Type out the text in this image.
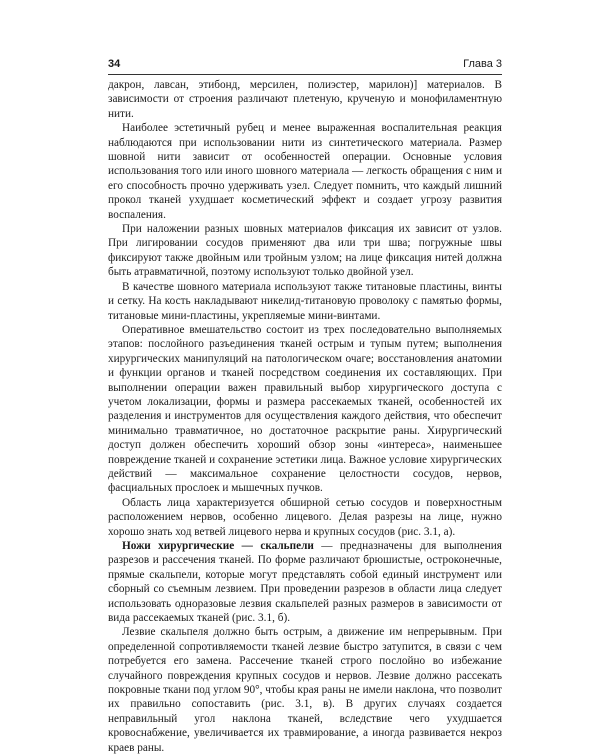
34	Глава 3

дакрон, лавсан, этибонд, мерсилен, полиэстер, марилон)] материалов. В зависимости от строения различают плетеную, крученую и монофиламентную нити.

Наиболее эстетичный рубец и менее выраженная воспалительная реакция наблюдаются при использовании нити из синтетического материала. Размер шовной нити зависит от особенностей операции. Основные условия использования того или иного шовного материала — легкость обращения с ним и его способность прочно удерживать узел. Следует помнить, что каждый лишний прокол тканей ухудшает косметический эффект и создает угрозу развития воспаления.

При наложении разных шовных материалов фиксация их зависит от узлов. При лигировании сосудов применяют два или три шва; погружные швы фиксируют также двойным или тройным узлом; на лице фиксация нитей должна быть атравматичной, поэтому используют только двойной узел.

В качестве шовного материала используют также титановые пластины, винты и сетку. На кость накладывают никелид-титановую проволоку с памятью формы, титановые мини-пластины, укрепляемые мини-винтами.

Оперативное вмешательство состоит из трех последовательно выполняемых этапов: послойного разъединения тканей острым и тупым путем; выполнения хирургических манипуляций на патологическом очаге; восстановления анатомии и функции органов и тканей посредством соединения их составляющих. При выполнении операции важен правильный выбор хирургического доступа с учетом локализации, формы и размера рассекаемых тканей, особенностей их разделения и инструментов для осуществления каждого действия, что обеспечит минимально травматичное, но достаточное раскрытие раны. Хирургический доступ должен обеспечить хороший обзор зоны «интереса», наименьшее повреждение тканей и сохранение эстетики лица. Важное условие хирургических действий — максимальное сохранение целостности сосудов, нервов, фасциальных прослоек и мышечных пучков.

Область лица характеризуется обширной сетью сосудов и поверхностным расположением нервов, особенно лицевого. Делая разрезы на лице, нужно хорошо знать ход ветвей лицевого нерва и крупных сосудов (рис. 3.1, а).

Ножи хирургические — скальпели — предназначены для выполнения разрезов и рассечения тканей. По форме различают брюшистые, остроконечные, прямые скальпели, которые могут представлять собой единый инструмент или сборный со съемным лезвием. При проведении разрезов в области лица следует использовать одноразовые лезвия скальпелей разных размеров в зависимости от вида рассекаемых тканей (рис. 3.1, б).

Лезвие скальпеля должно быть острым, а движение им непрерывным. При определенной сопротивляемости тканей лезвие быстро затупится, в связи с чем потребуется его замена. Рассечение тканей строго послойно во избежание случайного повреждения крупных сосудов и нервов. Лезвие должно рассекать покровные ткани под углом 90°, чтобы края раны не имели наклона, что позволит их правильно сопоставить (рис. 3.1, в). В других случаях создается неправильный угол наклона тканей, вследствие чего ухудшается кровоснабжение, увеличивается их травмирование, а иногда развивается некроз краев раны.
